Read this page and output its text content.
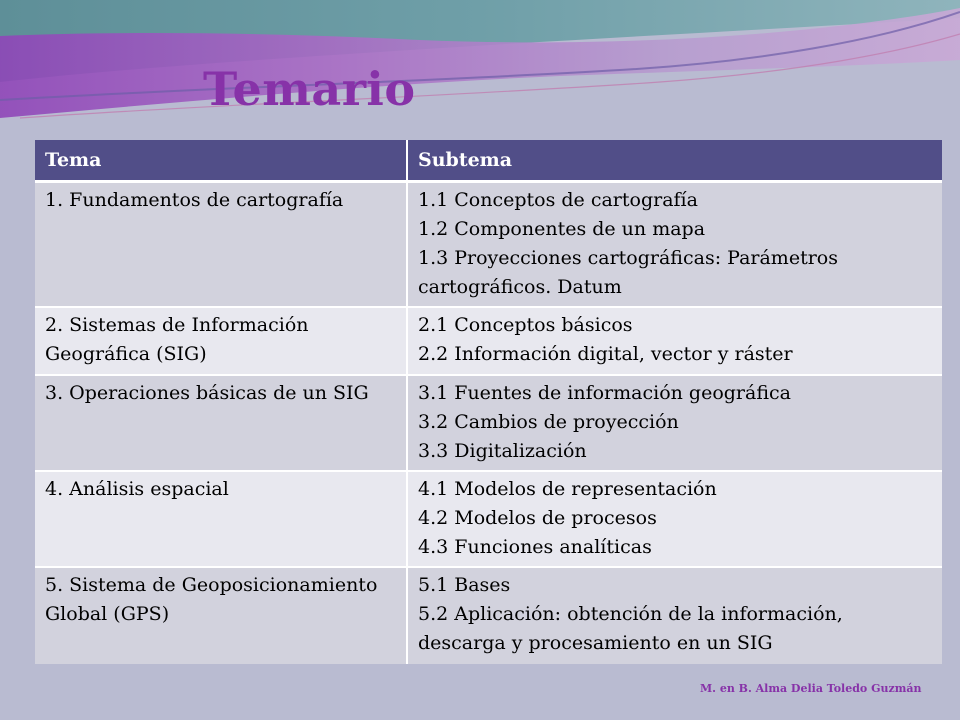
Temario
Tema	Subtema
1. Fundamentos de cartografía	1.1 Conceptos de cartografía
1.2 Componentes de un mapa
1.3 Proyecciones cartográficas: Parámetros
cartográficos. Datum

2. Sistemas de Información Geográfica (SIG)	2.1 Conceptos básicos
2.2 Información digital, vector y ráster

3. Operaciones básicas de un SIG	3.1 Fuentes de información geográfica
3.2 Cambios de proyección
3.3 Digitalización

4. Análisis espacial	4.1 Modelos de representación
4.2 Modelos de procesos
4.3 Funciones analíticas

5. Sistema de Geoposicionamiento Global (GPS)	5.1 Bases
5.2 Aplicación: obtención de la información,
descarga y procesamiento en un SIG

M. en B. Alma Delia Toledo Guzmán
